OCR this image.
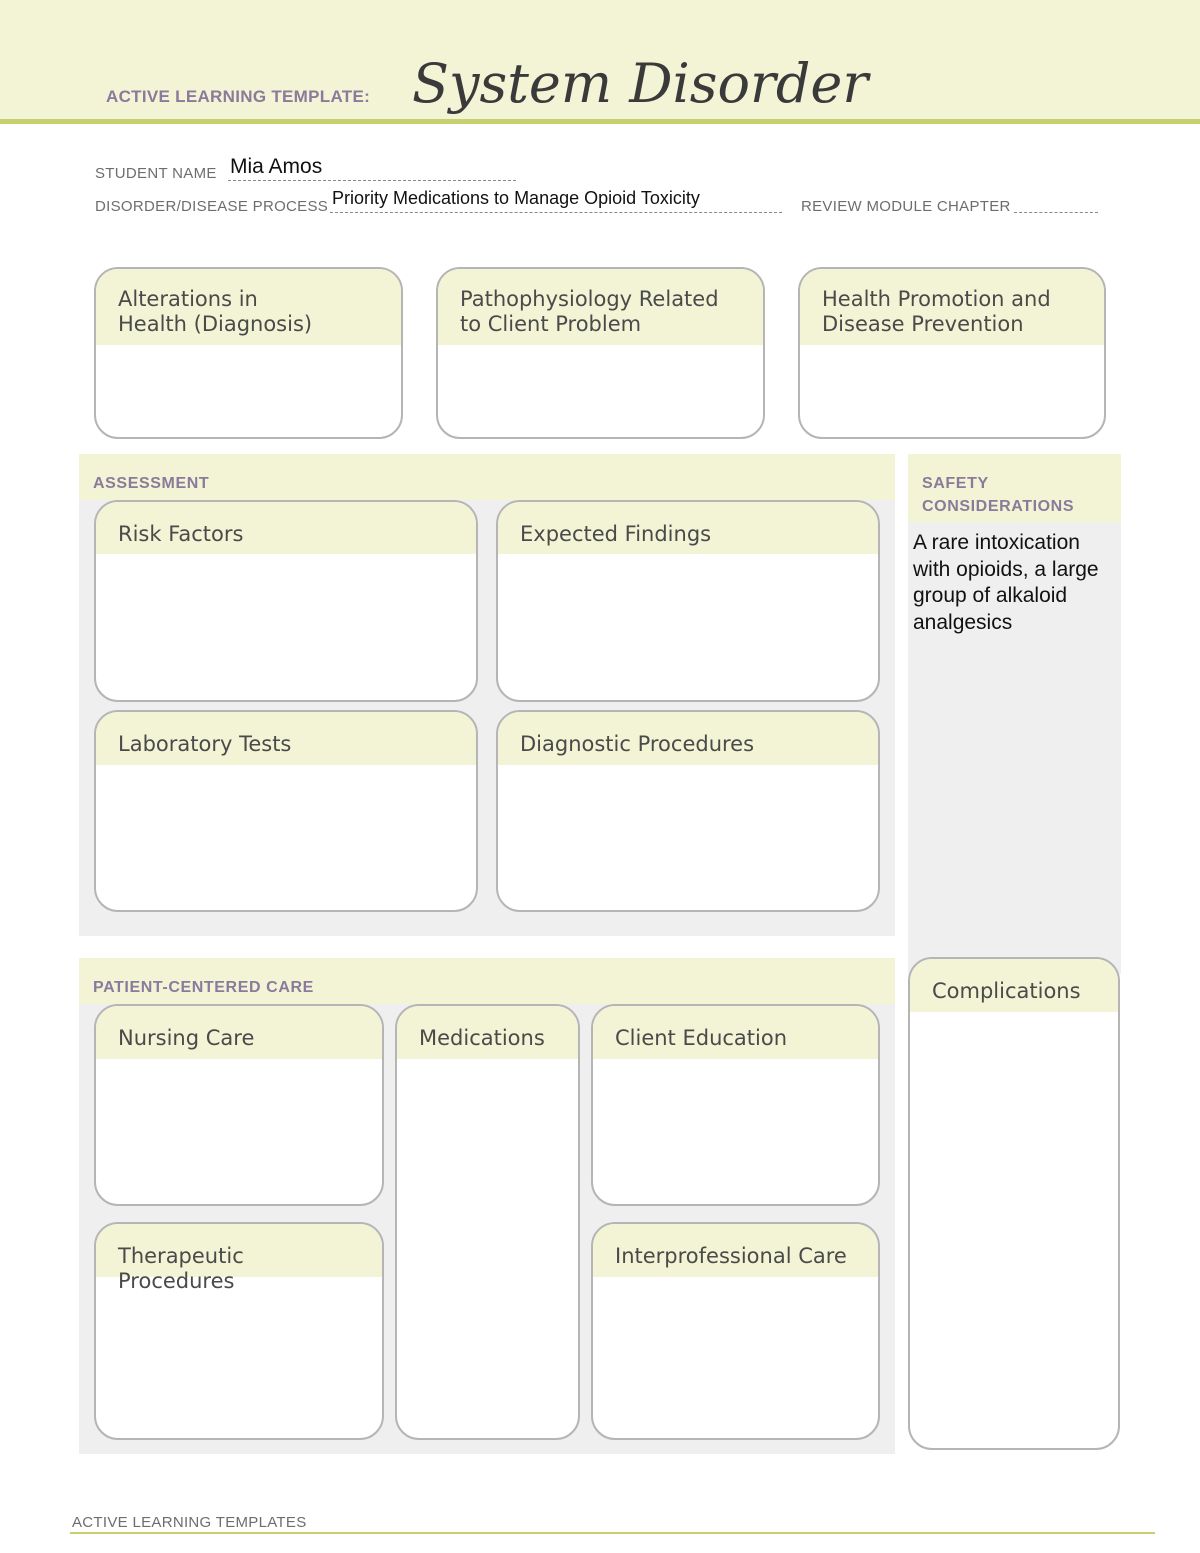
ACTIVE LEARNING TEMPLATE: System Disorder
STUDENT NAME Mia Amos
DISORDER/DISEASE PROCESS Priority Medications to Manage Opioid Toxicity	REVIEW MODULE CHAPTER
Alterations in
Health (Diagnosis)
Pathophysiology Related
to Client Problem
Health Promotion and
Disease Prevention
ASSESSMENT
Risk Factors	Expected Findings
Laboratory Tests	Diagnostic Procedures
SAFETY
CONSIDERATIONS
A rare intoxication with opioids, a large group of alkaloid analgesics
Complications
PATIENT-CENTERED CARE
Nursing Care	Medications	Client Education
Therapeutic Procedures
Interprofessional Care
ACTIVE LEARNING TEMPLATES
